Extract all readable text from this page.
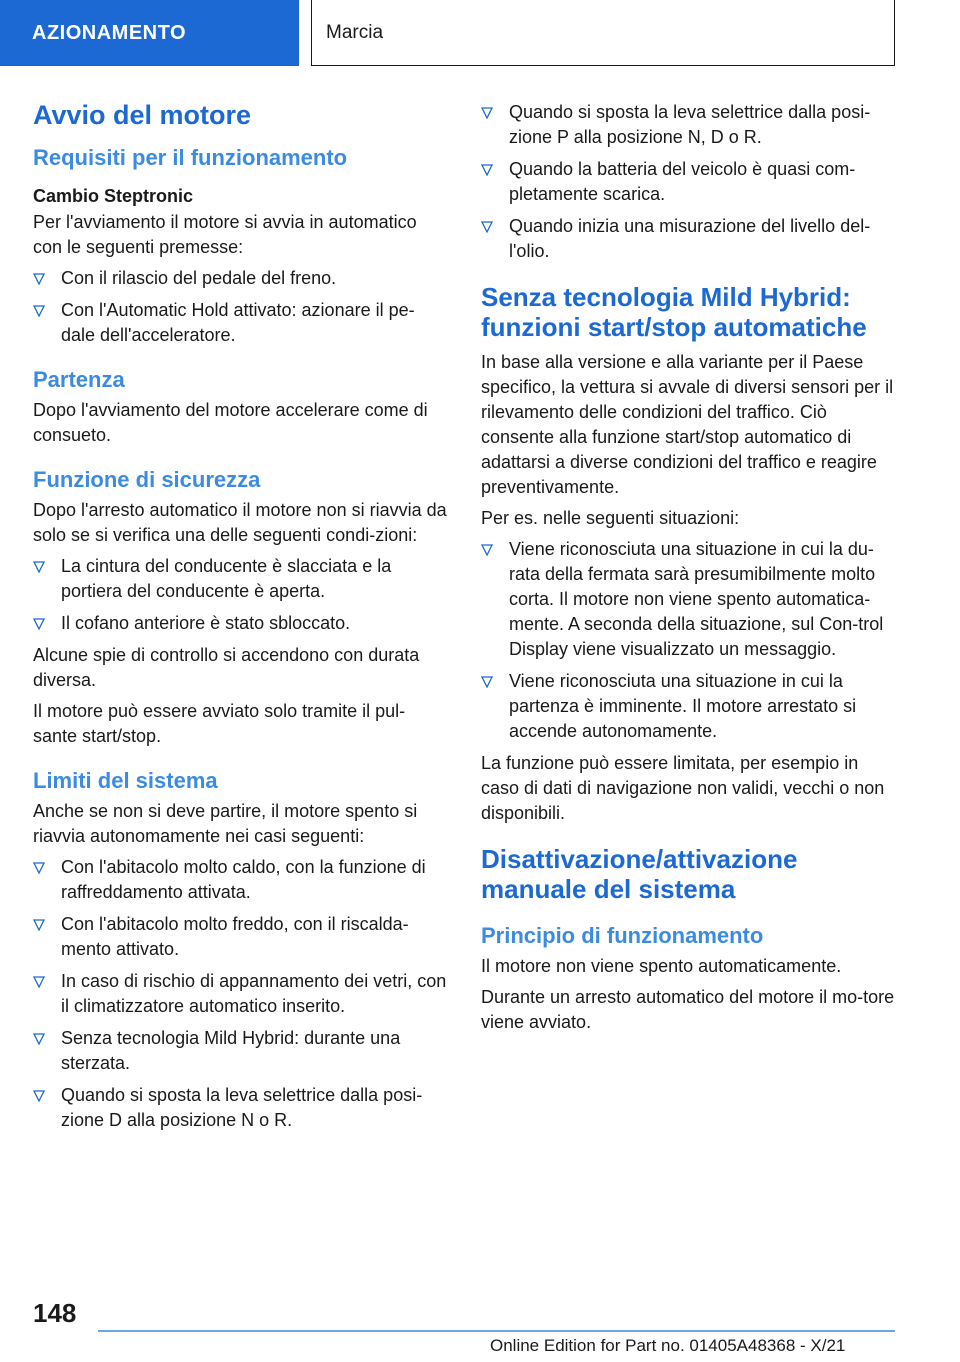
AZIONAMENTO	Marcia
Avvio del motore
Requisiti per il funzionamento
Cambio Steptronic

Per l'avviamento il motore si avvia in automatico con le seguenti premesse:

Con il rilascio del pedale del freno.
Con l'Automatic Hold attivato: azionare il pe-dale dell'acceleratore.
Partenza

Dopo l'avviamento del motore accelerare come di consueto.

Funzione di sicurezza

Dopo l'arresto automatico il motore non si riavvia da solo se si verifica una delle seguenti condi-zioni:

La cintura del conducente è slacciata e la portiera del conducente è aperta.
Il cofano anteriore è stato sbloccato.

Alcune spie di controllo si accendono con durata diversa.

Il motore può essere avviato solo tramite il pul-sante start/stop.

Limiti del sistema

Anche se non si deve partire, il motore spento si riavvia autonomamente nei casi seguenti:

Con l'abitacolo molto caldo, con la funzione di raffreddamento attivata.
Con l'abitacolo molto freddo, con il riscalda-mento attivato.
In caso di rischio di appannamento dei vetri, con il climatizzatore automatico inserito.
Senza tecnologia Mild Hybrid: durante una sterzata.
Quando si sposta la leva selettrice dalla posi-zione D alla posizione N o R.
Quando si sposta la leva selettrice dalla posi-zione P alla posizione N, D o R.
Quando la batteria del veicolo è quasi com-pletamente scarica.
Quando inizia una misurazione del livello del-l'olio.
Senza tecnologia Mild Hybrid: funzioni start/stop automatiche

In base alla versione e alla variante per il Paese specifico, la vettura si avvale di diversi sensori per il rilevamento delle condizioni del traffico. Ciò consente alla funzione start/stop automatico di adattarsi a diverse condizioni del traffico e reagire preventivamente.

Per es. nelle seguenti situazioni:

Viene riconosciuta una situazione in cui la du-rata della fermata sarà presumibilmente molto corta. Il motore non viene spento automatica-mente. A seconda della situazione, sul Con-trol Display viene visualizzato un messaggio.
Viene riconosciuta una situazione in cui la partenza è imminente. Il motore arrestato si accende autonomamente.

La funzione può essere limitata, per esempio in caso di dati di navigazione non validi, vecchi o non disponibili.

Disattivazione/attivazione manuale del sistema
Principio di funzionamento

Il motore non viene spento automaticamente.

Durante un arresto automatico del motore il mo-tore viene avviato.

148
Online Edition for Part no. 01405A48368 - X/21
